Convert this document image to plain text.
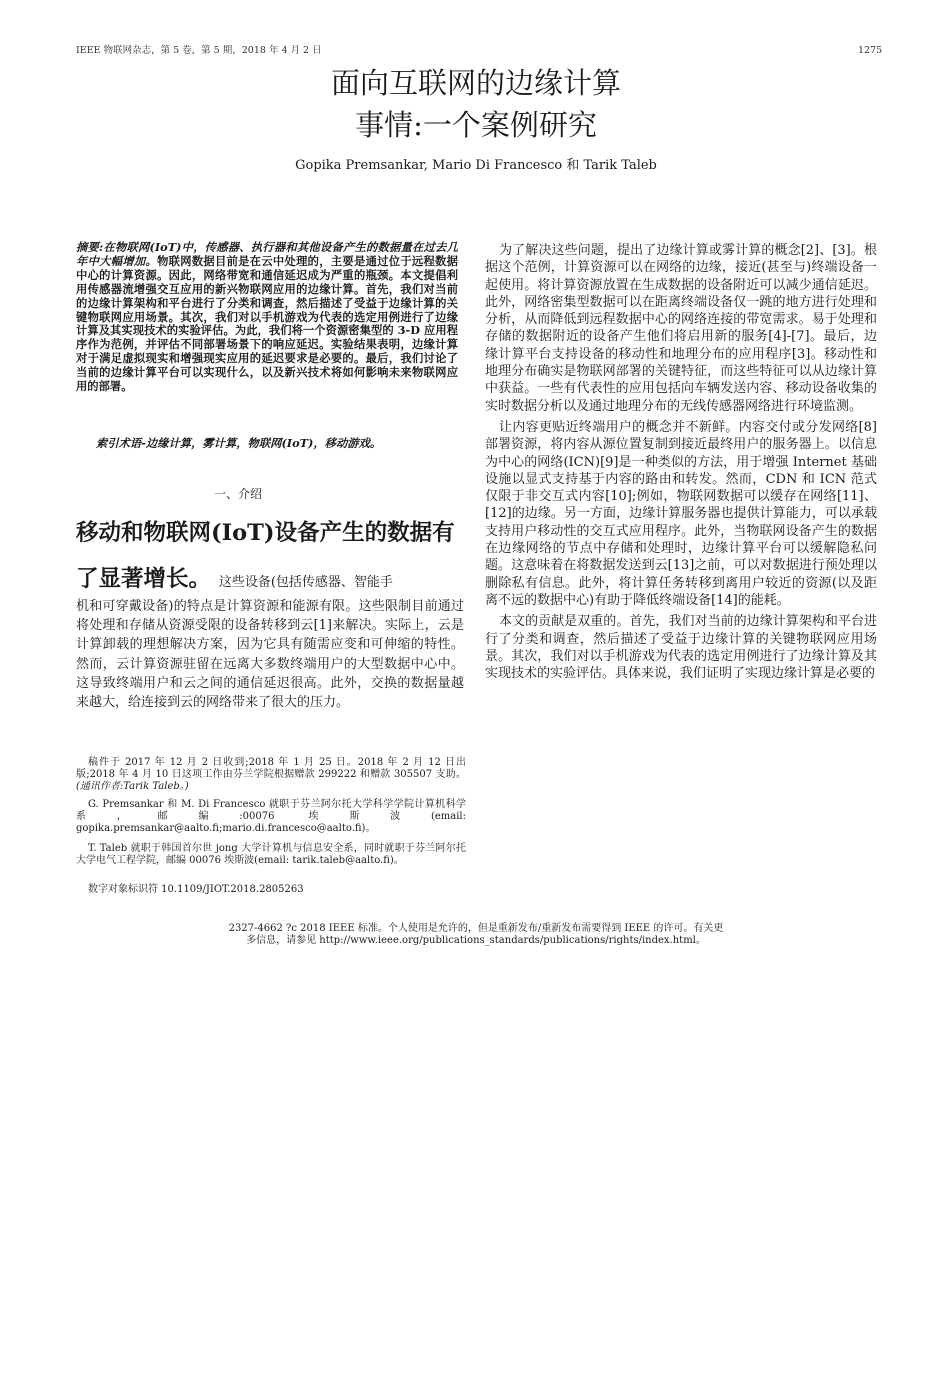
IEEE 物联网杂志，第 5 卷，第 5 期，2018 年 4 月 2 日	1275
面向互联网的边缘计算
事情:一个案例研究
Gopika Premsankar, Mario Di Francesco 和 Tarik Taleb
摘要:在物联网(IoT)中，传感器、执行器和其他设备产生的数据量在过去几年中大幅增加。物联网数据目前是在云中处理的，主要是通过位于远程数据中心的计算资源。因此，网络带宽和通信延迟成为严重的瓶颈。本文提倡利用传感器流增强交互应用的新兴物联网应用的边缘计算。首先，我们对当前的边缘计算架构和平台进行了分类和调查，然后描述了受益于边缘计算的关键物联网应用场景。其次，我们对以手机游戏为代表的选定用例进行了边缘计算及其实现技术的实验评估。为此，我们将一个资源密集型的 3-D 应用程序作为范例，并评估不同部署场景下的响应延迟。实验结果表明，边缘计算对于满足虚拟现实和增强现实应用的延迟要求是必要的。最后，我们讨论了当前的边缘计算平台可以实现什么，以及新兴技术将如何影响未来物联网应用的部署。
索引术语-边缘计算，雾计算，物联网(IoT)，移动游戏。
一、介绍
移动和物联网(IoT)设备产生的数据有了显著增长。 这些设备(包括传感器、智能手
机和可穿戴设备)的特点是计算资源和能源有限。这些限制目前通过将处理和存储从资源受限的设备转移到云[1]来解决。实际上，云是计算卸载的理想解决方案，因为它具有随需应变和可伸缩的特性。然而，云计算资源驻留在远离大多数终端用户的大型数据中心中。这导致终端用户和云之间的通信延迟很高。此外，交换的数据量越来越大，给连接到云的网络带来了很大的压力。
稿件于 2017 年 12 月 2 日收到;2018 年 1 月 25 日。2018 年 2 月 12 日出版;2018 年 4 月 10 日这项工作由芬兰学院根据赠款 299222 和赠款 305507 支助。(通讯作者:Tarik Taleb。)
G. Premsankar 和 M. Di Francesco 就职于芬兰阿尔托大学科学学院计算机科学系，邮编:00076 埃斯波(email: gopika.premsankar@aalto.fi;mario.di.francesco@aalto.fi)。
T. Taleb 就职于韩国首尔世 jong 大学计算机与信息安全系，同时就职于芬兰阿尔托大学电气工程学院，邮编 00076 埃斯波(email: tarik.taleb@aalto.fi)。
数字对象标识符 10.1109/JIOT.2018.2805263

为了解决这些问题，提出了边缘计算或雾计算的概念[2]、[3]。根据这个范例，计算资源可以在网络的边缘，接近(甚至与)终端设备一起使用。将计算资源放置在生成数据的设备附近可以减少通信延迟。此外，网络密集型数据可以在距离终端设备仅一跳的地方进行处理和分析，从而降低到远程数据中心的网络连接的带宽需求。易于处理和存储的数据附近的设备产生他们将启用新的服务[4]-[7]。最后，边缘计算平台支持设备的移动性和地理分布的应用程序[3]。移动性和地理分布确实是物联网部署的关键特征，而这些特征可以从边缘计算中获益。一些有代表性的应用包括向车辆发送内容、移动设备收集的实时数据分析以及通过地理分布的无线传感器网络进行环境监测。

让内容更贴近终端用户的概念并不新鲜。内容交付或分发网络[8]部署资源，将内容从源位置复制到接近最终用户的服务器上。以信息为中心的网络(ICN)[9]是一种类似的方法，用于增强 Internet 基础设施以显式支持基于内容的路由和转发。然而，CDN 和 ICN 范式仅限于非交互式内容[10];例如，物联网数据可以缓存在网络[11]、[12]的边缘。另一方面，边缘计算服务器也提供计算能力，可以承载支持用户移动性的交互式应用程序。此外，当物联网设备产生的数据在边缘网络的节点中存储和处理时，边缘计算平台可以缓解隐私问题。这意味着在将数据发送到云[13]之前，可以对数据进行预处理以删除私有信息。此外，将计算任务转移到离用户较近的资源(以及距离不远的数据中心)有助于降低终端设备[14]的能耗。

本文的贡献是双重的。首先，我们对当前的边缘计算架构和平台进行了分类和调查，然后描述了受益于边缘计算的关键物联网应用场景。其次，我们对以手机游戏为代表的选定用例进行了边缘计算及其实现技术的实验评估。具体来说，我们证明了实现边缘计算是必要的

2327-4662 ?c 2018 IEEE 标准。个人使用是允许的，但是重新发布/重新发布需要得到 IEEE 的许可。有关更
多信息，请参见 http://www.ieee.org/publications_standards/publications/rights/index.html。
